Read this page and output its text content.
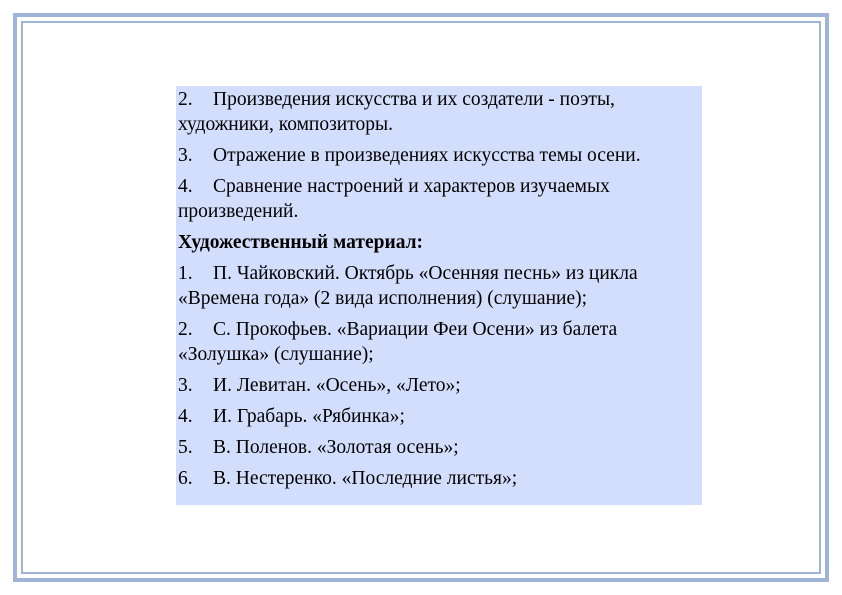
2. Произведения искусства и их создатели - поэты, художники, композиторы.
3. Отражение в произведениях искусства темы осени.
4. Сравнение настроений и характеров изучаемых произведений.
Художественный материал:
1. П. Чайковский. Октябрь «Осенняя песнь» из цикла «Времена года» (2 вида исполнения) (слушание);
2. С. Прокофьев. «Вариации Феи Осени» из балета «Золушка» (слушание);
3. И. Левитан. «Осень», «Лето»;
4. И. Грабарь. «Рябинка»;
5. В. Поленов. «Золотая осень»;
6. В. Нестеренко. «Последние листья»;
